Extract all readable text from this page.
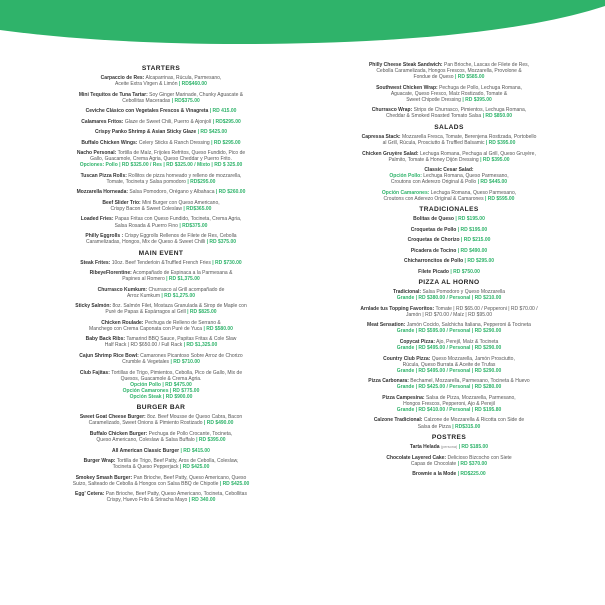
STARTERS
Carpaccio de Res: Alcaparrinas, Rúcula, Parmesano,
Aceite Extra Virgen & Limón | RD$460.00
Mini Tequitos de Tuna Tartar: Soy Ginger Marinade, Chunky Aguacate &
Cebollitas Maceradas | RD$375.00
Ceviche Clásico con Vegetales Frescos & Vinagreta | RD 415.00
Calamares Fritos: Glaze de Sweet Chili, Puerro & Ajonjolí | RD$295.00
Crispy Panko Shrimp & Asian Sticky Glaze | RD $425.00
Buffalo Chicken Wings: Celery Sticks & Ranch Dressing | RD $295.00
Nacho Personal: Tortilla de Maíz, Frijoles Refritos, Queso Fundido, Pico de
Gallo, Guacamole, Crema Agria, Queso Cheddar y Puerro Frito.
Opciones: Pollo | RD $325.00 / Res | RD $325.00 / Mixto | RD $ 325.00
Tuscan Pizza Rolls: Rollitos de pizza horneado y relleno de mozzarella,
Tomate, Tocineta y Salsa pomodoro | RD$295.00
Mozzarella Horneada: Salsa Pomodoro, Orégano y Albahaca | RD $260.00
Beef Slider Trio: Mini Burger con Queso Americano,
Crispy Bacon & Sweet Coleslaw | RD$365.00
Loaded Fries: Papas Fritas con Queso Fundido, Tocineta, Crema Agria,
Salsa Rosada & Puerro Fino | RD$375.00
Philly Eggrolls : Crispy Eggrolls Rellenos de Filete de Res, Cebolla
Caramelizadas, Hongos, Mix de Queso & Sweet Chilli | RD $375.00
MAIN EVENT
Steak Frites: 10oz. Beef Tenderloin &Truffled French Fries | RD $730.00
RibeyeFlorentine: Acompañado de Espinaca a la Parmesana &
Papines al Romero | RD $1,375.00
Churrasco Kumkum: Churrasco al Grill acompañado de
Arroz Kumkum | RD $1,275.00
Sticky Salmón: 8oz. Salmón Filet, Mostaza Granulada & Sirop de Maple con
Puré de Papas & Espárragos al Grill | RD $825.00
Chicken Roulade: Pechuga de Relleno de Serrano &
Manchego con Crema Caponata con Puré de Yuca | RD $580.00
Baby Back Ribs: Tamarind BBQ Sauce, Papitas Fritas & Cole Slaw
Half Rack | RD $650.00 / Full Rack | RD $1,325.00
Cajun Shrimp Rice Bowl: Camarones Picantoso Sobre Arroz de Chorizo
Crumble & Vegetales | RD $710.00
Club Fajitas: Tortillas de Trigo, Pimientos, Cebolla, Pico de Gallo, Mix de
Quesos, Guacamole & Crema Agria.
Opción Pollo | RD $475.00
Opción Camarones | RD $775.00
Opción Steak | RD $900.00
BURGER BAR
Sweet Goat Cheese Burger: 8oz. Beef Mousse de Queso Cabra, Bacon
Caramelizado, Sweet Onions & Pimiento Rostizado | RD $490.00
Buffalo Chicken Burger: Pechuga de Pollo Crocante, Tocineta,
Queso Americano, Coleslaw & Salsa Buffalo | RD $395.00
All American Classic Burger | RD $415.00
Burger Wrap: Tortilla de Trigo, Beef Patty, Aros de Cebolla, Coleslaw,
Tocineta & Queso Pepperjack | RD $425.00
Smokey Smash Burger: Pan Brioche, Beef Patty, Queso Americano, Queso
Suizo, Salteado de Cebolla & Hongos con Salsa BBQ de Chipotle | RD $425.00
Egg' Cetera: Pan Brioche, Beef Patty, Queso Americano, Tocineta, Cebollitas
Crispy, Huevo Frito & Sriracha Mayo | RD 340.00
Philly Cheese Steak Sandwich: Pan Brioche, Lascas de Filete de Res,
Cebolla Caramelizada, Hongos Frescos, Mozzarella, Provolone &
Fondue de Queso | RD $585.00
Southwest Chicken Wrap: Pechuga de Pollo, Lechuga Romana,
Aguacate, Queso Fresco, Maíz Rostizado, Tomate &
Sweet Chipotle Dressing | RD $395.00
Churrasco Wrap: Strips de Churrasco, Pimientos, Lechuga Romana,
Cheddar & Smoked Roasted Tomato Salsa | RD $850.00
SALADS
Capressa Stack: Mozzarella Fresca, Tomate, Berenjena Rostizada, Portobello
al Grill, Rúcula, Prosciutto & Truffled Balsamic | RD $395.00
Chicken Gruyère Salad: Lechuga Romana, Pechuga al Grill, Queso Gruyère,
Palmito, Tomate & Honey Dijón Dressing | RD $395.00
Classic Cesar Salad:
Opción Pollo: Lechuga Romana, Queso Parmesano,
Croutons con Aderezo Original & Pollo | RD $445.00
Opción Camarones: Lechuga Romana, Queso Parmesano,
Croutons con Aderezo Original & Camarones | RD $595.00
TRADICIONALES
Bolitas de Queso | RD $195.00
Croquetas de Pollo | RD $195.00
Croquetas de Chorizo | RD $215.00
Picadera de Tocino | RD $490.00
Chicharroncitos de Pollo | RD $295.00
Filete Picado | RD $750.00
PIZZA AL HORNO
Tradicional: Salsa Pomodoro y Queso Mozzarella
Grande | RD $380.00 / Personal | RD $210.00
Arnlade tus Topping Favoritos: Tomate | RD $65.00 / Pepperoni | RD $70.00 /
Jamón | RD $70.00 / Maíz | RD $95.00
Meat Sensation: Jamón Cocido, Salchicha Italiana, Pepperoni & Tocineta
Grande | RD $595.00 / Personal | RD $290.00
Copycat Pizza: Ajo, Perejil, Maíz & Tocineta
Grande | RD $495.00 / Personal | RD $290.00
Country Club Pizza: Queso Mozzarella, Jamón Prosciutto,
Rúcula, Queso Burrata & Aceite de Trufas
Grande | RD $495.00 / Personal | RD $290.00
Pizza Carbonara: Bechamel, Mozzarella, Parmesano, Tocineta & Huevo
Grande | RD $425.00 / Personal | RD $280.00
Pizza Campesina: Salsa de Pizza, Mozzarella, Parmesano,
Hongos Frescos, Pepperoni, Ajo & Perejil
Grande | RD $410.00 / Personal | RD $195.80
Calzone Tradicional: Calzone de Mozzarella & Ricotta con Side de
Salsa de Pizza | RD$315.00
POSTRES
Tarta Helada (persona) | RD $185.00
Chocolate Layered Cake: Delicioso Bizcocho con Siete
Capas de Chocolate | RD $370.00
Brownie a la Mode | RD$225.00
